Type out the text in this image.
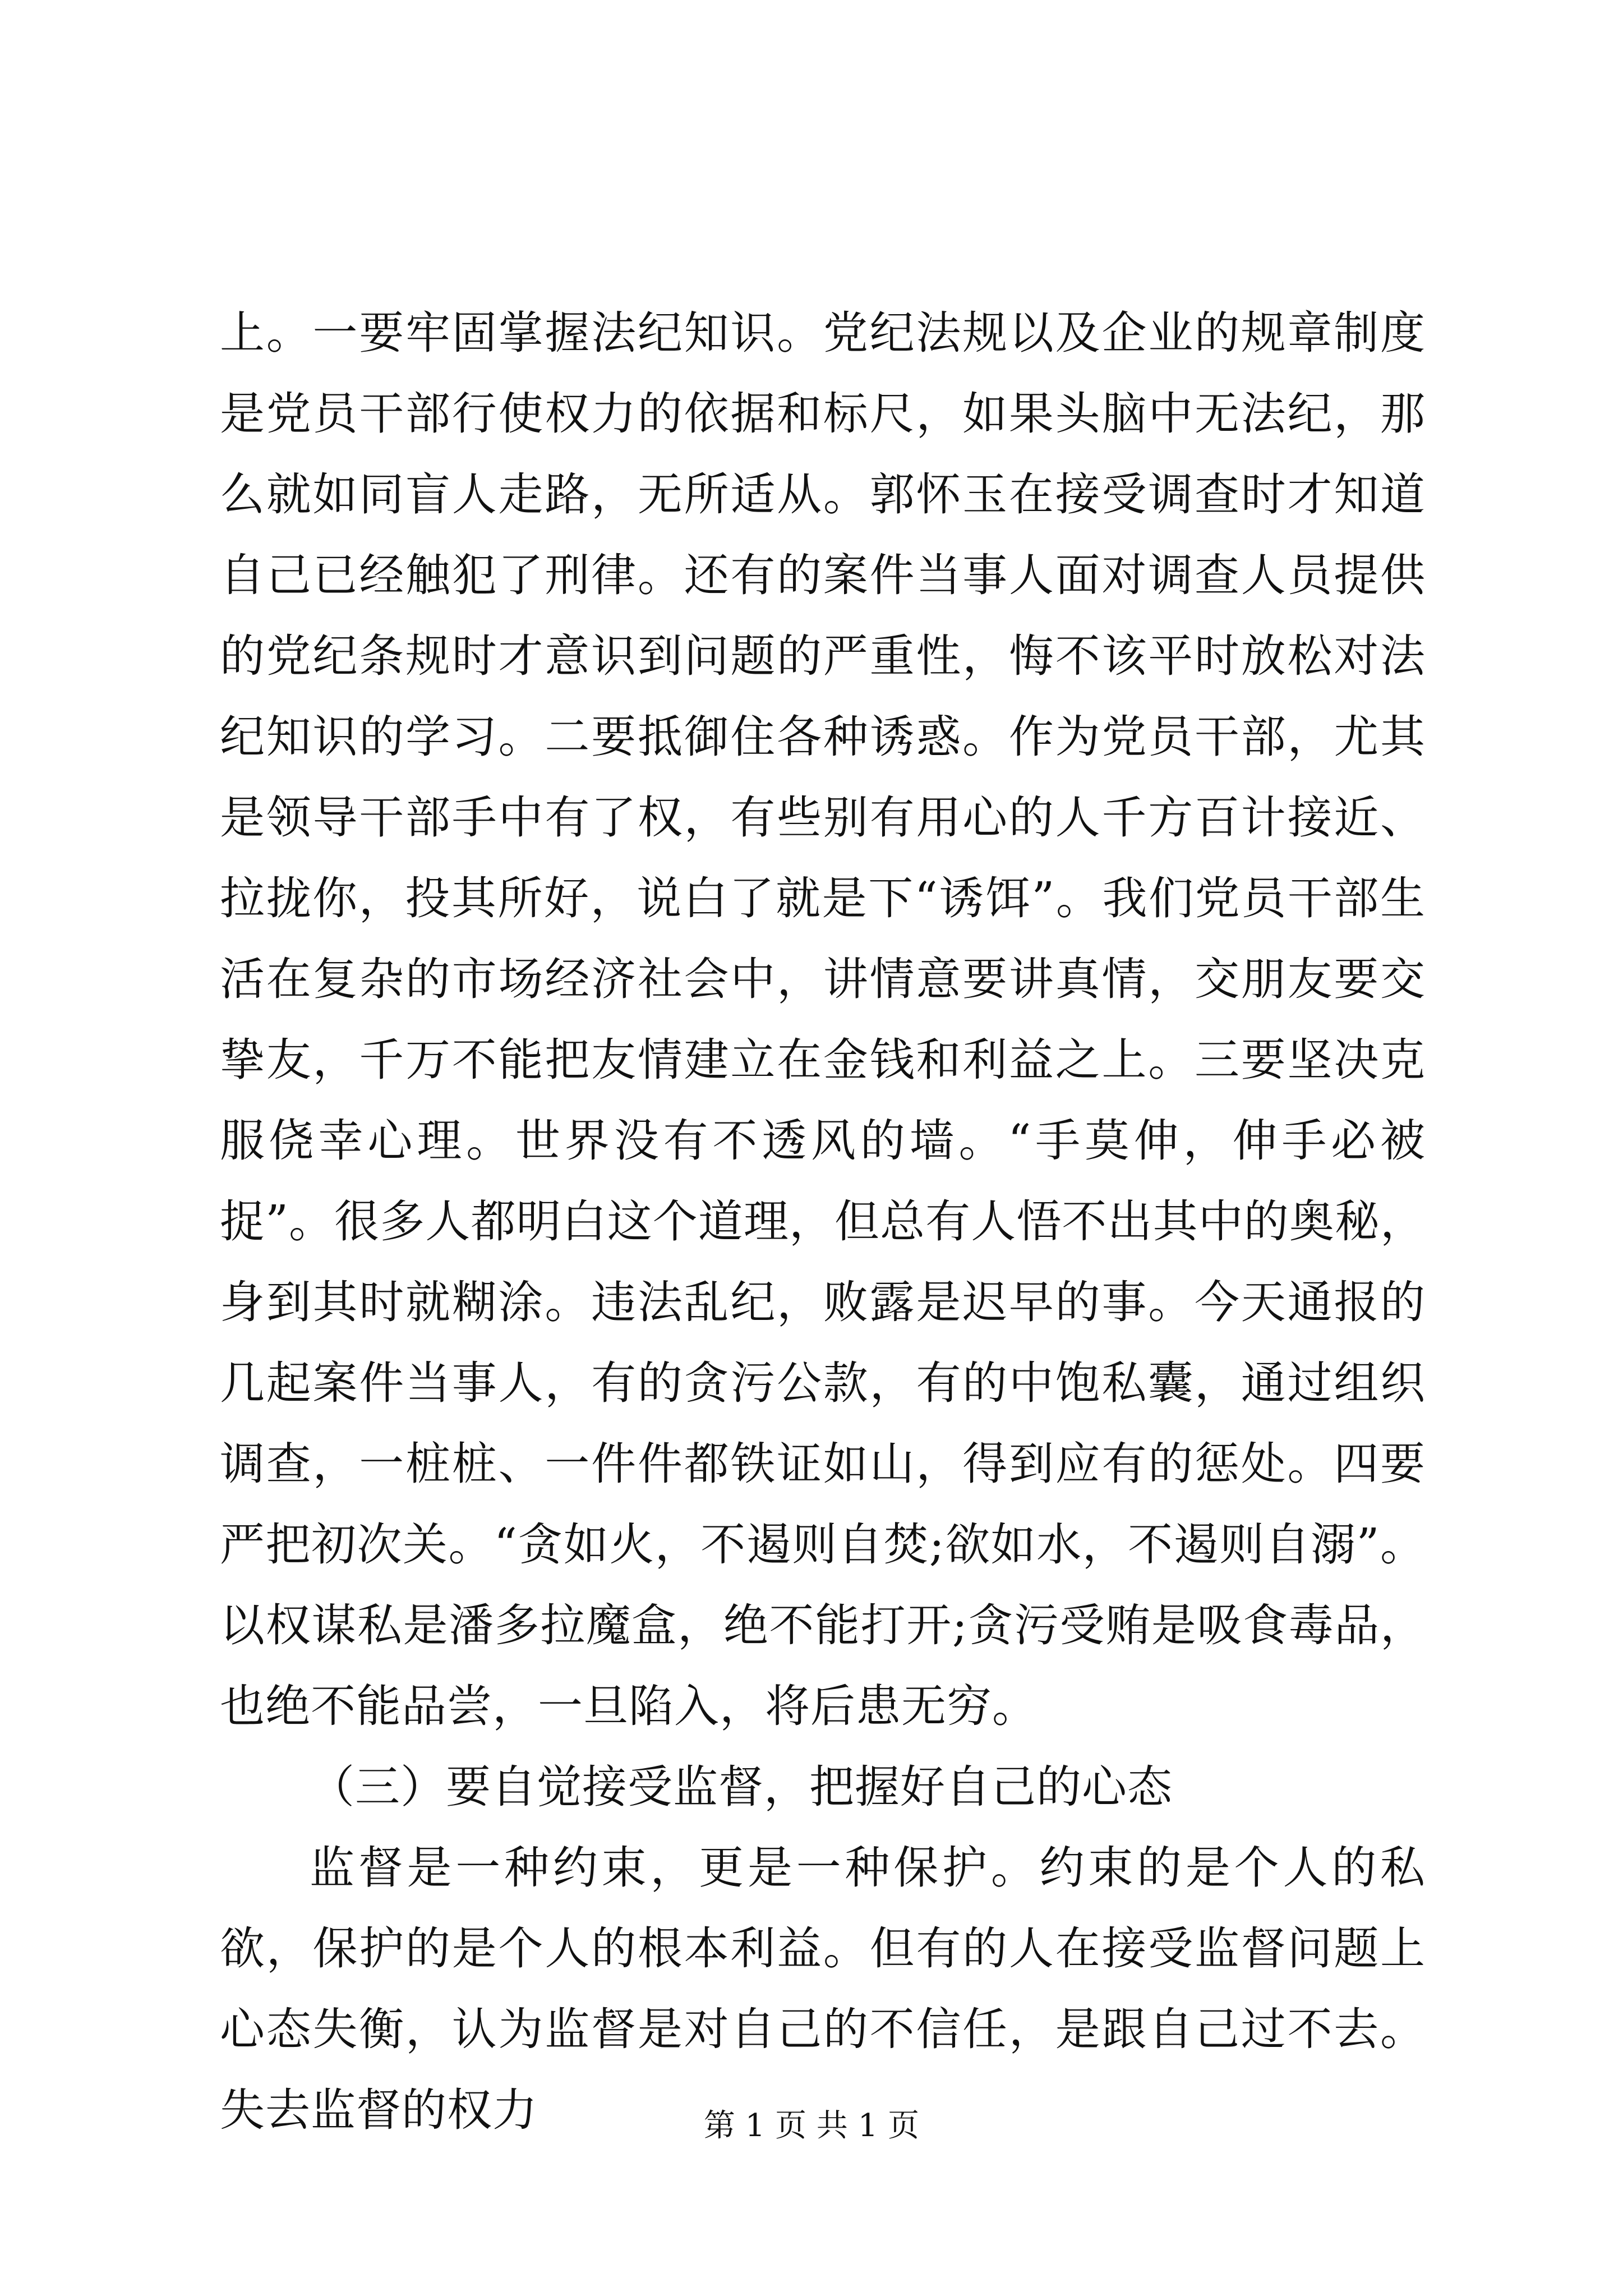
上。一要牢固掌握法纪知识。党纪法规以及企业的规章制度是党员干部行使权力的依据和标尺，如果头脑中无法纪，那么就如同盲人走路，无所适从。郭怀玉在接受调查时才知道自己已经触犯了刑律。还有的案件当事人面对调查人员提供的党纪条规时才意识到问题的严重性，悔不该平时放松对法纪知识的学习。二要抵御住各种诱惑。作为党员干部，尤其是领导干部手中有了权，有些别有用心的人千方百计接近、拉拢你，投其所好，说白了就是下“诱饵”。我们党员干部生活在复杂的市场经济社会中，讲情意要讲真情，交朋友要交挚友，千万不能把友情建立在金钱和利益之上。三要坚决克服侥幸心理。世界没有不透风的墙。“手莫伸，伸手必被捉”。很多人都明白这个道理，但总有人悟不出其中的奥秘，身到其时就糊涂。违法乱纪，败露是迟早的事。今天通报的几起案件当事人，有的贪污公款，有的中饱私囊，通过组织调查，一桩桩、一件件都铁证如山，得到应有的惩处。四要严把初次关。“贪如火，不遏则自焚;欲如水，不遏则自溺”。以权谋私是潘多拉魔盒，绝不能打开;贪污受贿是吸食毒品，也绝不能品尝，一旦陷入，将后患无穷。

（三）要自觉接受监督，把握好自己的心态

监督是一种约束，更是一种保护。约束的是个人的私欲，保护的是个人的根本利益。但有的人在接受监督问题上心态失衡，认为监督是对自己的不信任，是跟自己过不去。失去监督的权力	第 1 页 共 1 页
